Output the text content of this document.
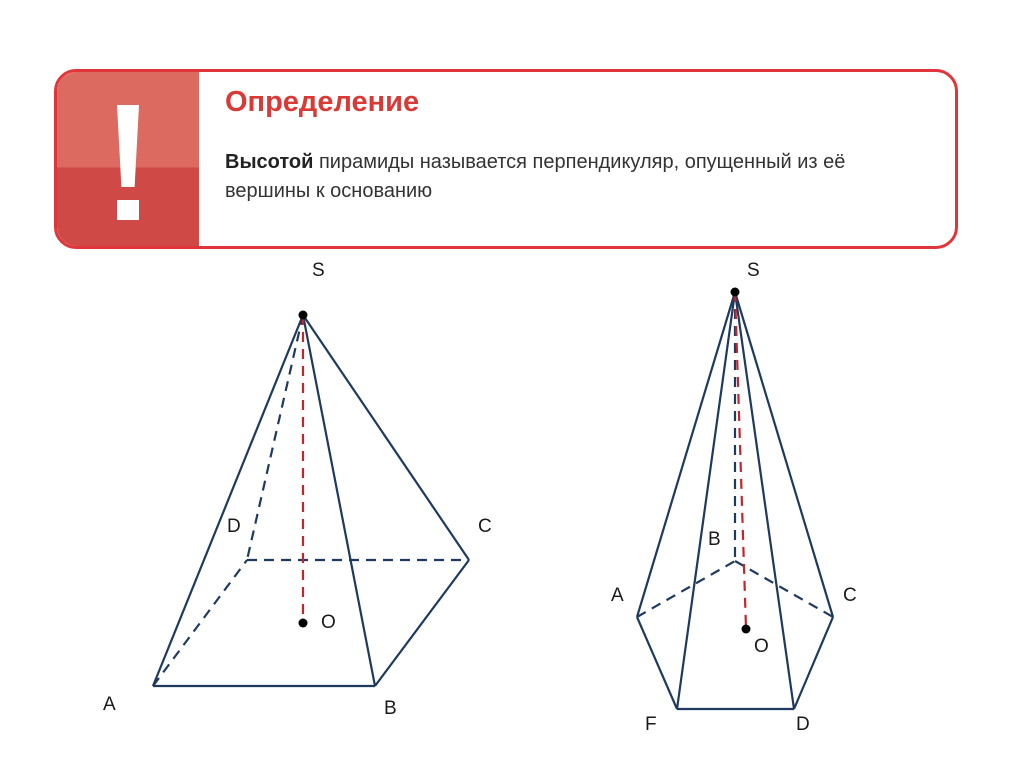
Определение
Высотой пирамиды называется перпендикуляр, опущенный из её вершины к основанию
S
D	C
O
A	B
S
B
A	C
O
F	D
